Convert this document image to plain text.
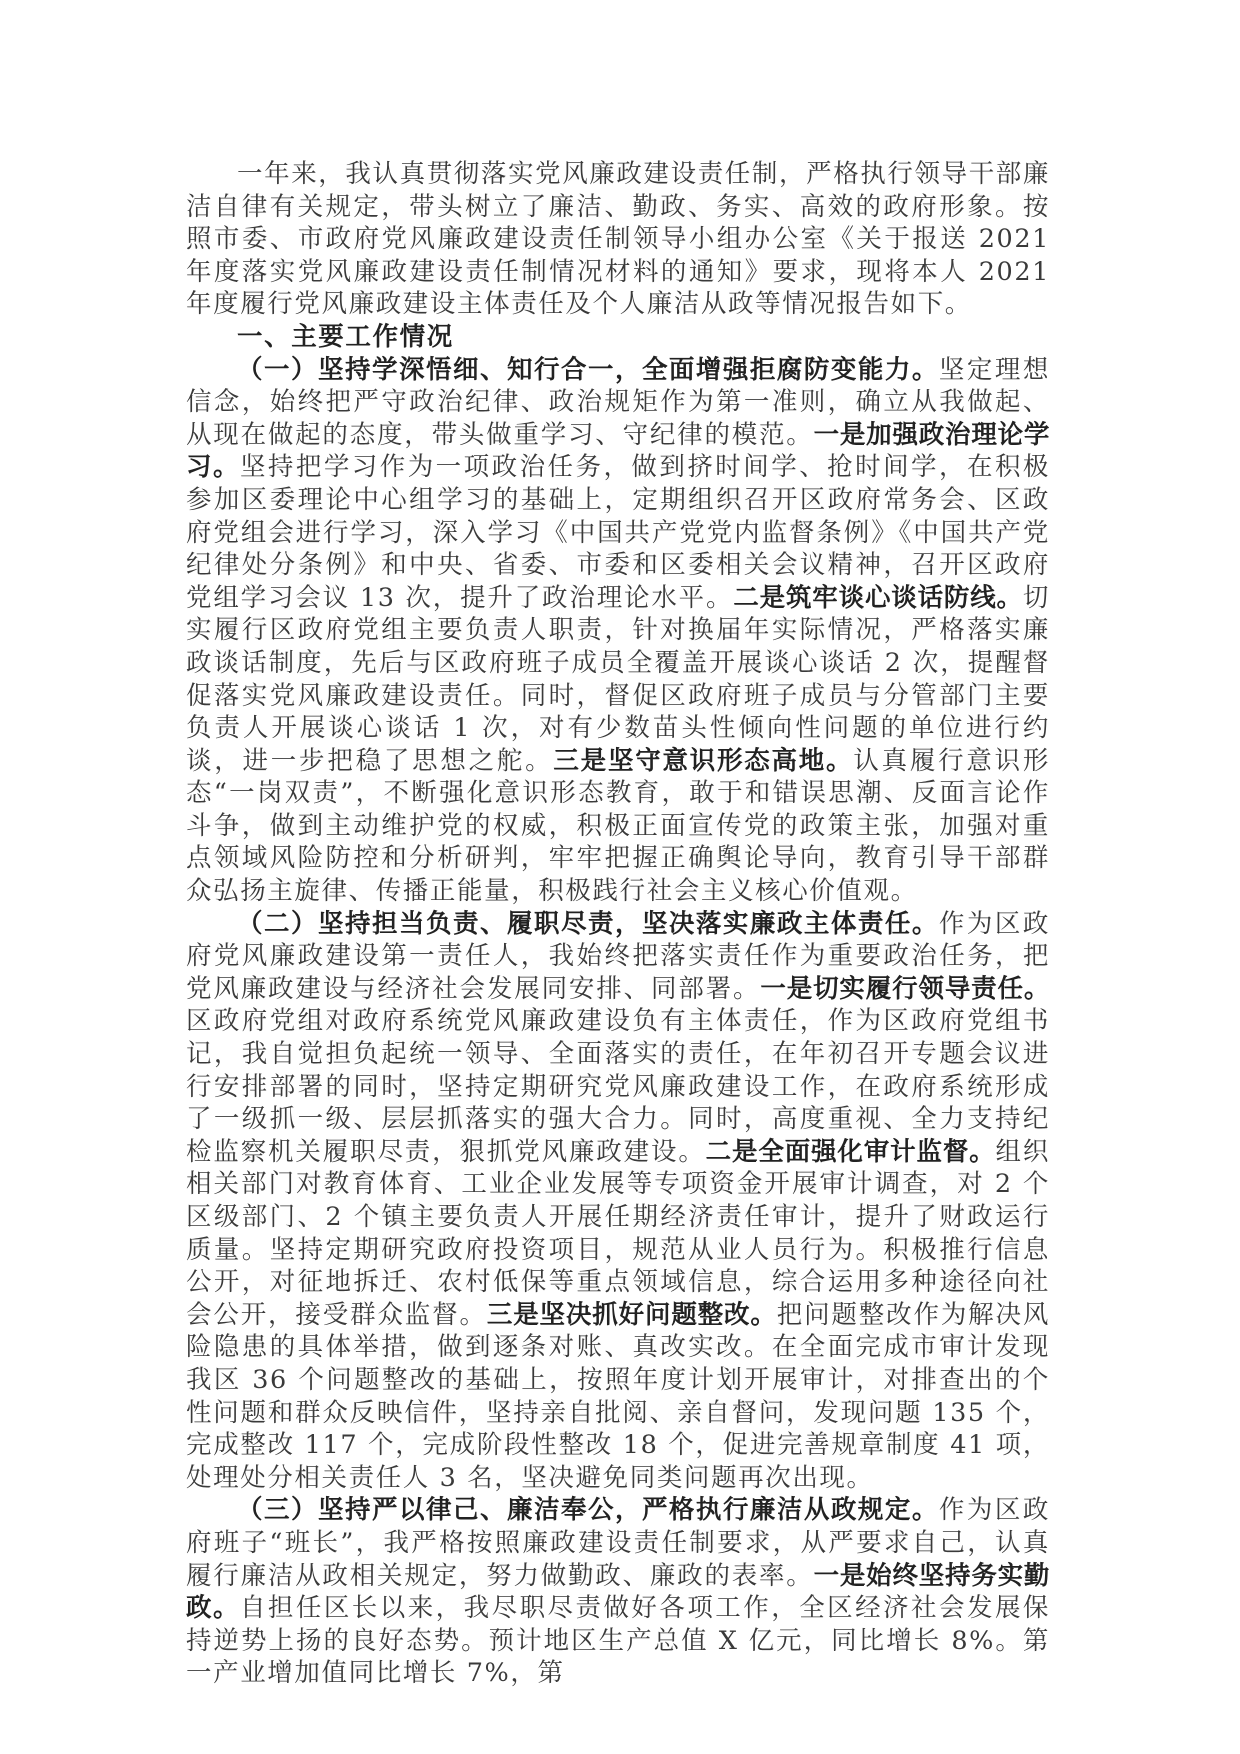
一年来，我认真贯彻落实党风廉政建设责任制，严格执行领导干部廉洁自律有关规定，带头树立了廉洁、勤政、务实、高效的政府形象。按照市委、市政府党风廉政建设责任制领导小组办公室《关于报送 2021 年度落实党风廉政建设责任制情况材料的通知》要求，现将本人 2021 年度履行党风廉政建设主体责任及个人廉洁从政等情况报告如下。

一、主要工作情况

（一）坚持学深悟细、知行合一，全面增强拒腐防变能力。坚定理想信念，始终把严守政治纪律、政治规矩作为第一准则，确立从我做起、从现在做起的态度，带头做重学习、守纪律的模范。一是加强政治理论学习。坚持把学习作为一项政治任务，做到挤时间学、抢时间学，在积极参加区委理论中心组学习的基础上，定期组织召开区政府常务会、区政府党组会进行学习，深入学习《中国共产党党内监督条例》《中国共产党纪律处分条例》和中央、省委、市委和区委相关会议精神，召开区政府党组学习会议 13 次，提升了政治理论水平。二是筑牢谈心谈话防线。切实履行区政府党组主要负责人职责，针对换届年实际情况，严格落实廉政谈话制度，先后与区政府班子成员全覆盖开展谈心谈话 2 次，提醒督促落实党风廉政建设责任。同时，督促区政府班子成员与分管部门主要负责人开展谈心谈话 1 次，对有少数苗头性倾向性问题的单位进行约谈，进一步把稳了思想之舵。三是坚守意识形态高地。认真履行意识形态“一岗双责”，不断强化意识形态教育，敢于和错误思潮、反面言论作斗争，做到主动维护党的权威，积极正面宣传党的政策主张，加强对重点领域风险防控和分析研判，牢牢把握正确舆论导向，教育引导干部群众弘扬主旋律、传播正能量，积极践行社会主义核心价值观。

（二）坚持担当负责、履职尽责，坚决落实廉政主体责任。作为区政府党风廉政建设第一责任人，我始终把落实责任作为重要政治任务，把党风廉政建设与经济社会发展同安排、同部署。一是切实履行领导责任。区政府党组对政府系统党风廉政建设负有主体责任，作为区政府党组书记，我自觉担负起统一领导、全面落实的责任，在年初召开专题会议进行安排部署的同时，坚持定期研究党风廉政建设工作，在政府系统形成了一级抓一级、层层抓落实的强大合力。同时，高度重视、全力支持纪检监察机关履职尽责，狠抓党风廉政建设。二是全面强化审计监督。组织相关部门对教育体育、工业企业发展等专项资金开展审计调查，对 2 个区级部门、2 个镇主要负责人开展任期经济责任审计，提升了财政运行质量。坚持定期研究政府投资项目，规范从业人员行为。积极推行信息公开，对征地拆迁、农村低保等重点领域信息，综合运用多种途径向社会公开，接受群众监督。三是坚决抓好问题整改。把问题整改作为解决风险隐患的具体举措，做到逐条对账、真改实改。在全面完成市审计发现我区 36 个问题整改的基础上，按照年度计划开展审计，对排查出的个性问题和群众反映信件，坚持亲自批阅、亲自督问，发现问题 135 个，完成整改 117 个，完成阶段性整改 18 个，促进完善规章制度 41 项，处理处分相关责任人 3 名，坚决避免同类问题再次出现。

（三）坚持严以律己、廉洁奉公，严格执行廉洁从政规定。作为区政府班子“班长”，我严格按照廉政建设责任制要求，从严要求自己，认真履行廉洁从政相关规定，努力做勤政、廉政的表率。一是始终坚持务实勤政。自担任区长以来，我尽职尽责做好各项工作，全区经济社会发展保持逆势上扬的良好态势。预计地区生产总值 X 亿元，同比增长 8%。第一产业增加值同比增长 7%，第
